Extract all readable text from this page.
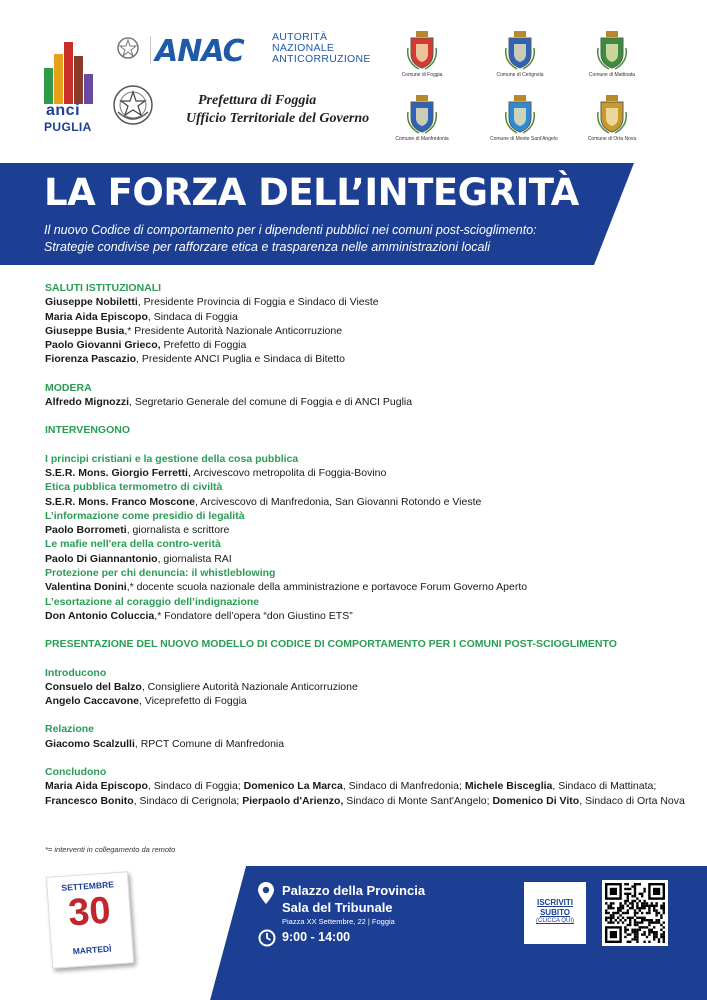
anci
PUGLIA
ANAC	AUTORITÀ
NAZIONALE
ANTICORRUZIONE
Prefettura di Foggia
Ufficio Territoriale del Governo
Comune di Foggia	Comune di Cerignola	Comune di Mattinata
Comune di Manfredonia	Comune di Monte Sant'Angelo	Comune di Orta Nova
LA FORZA DELL’INTEGRITÀ
Il nuovo Codice di comportamento per i dipendenti pubblici nei comuni post-scioglimento:
Strategie condivise per rafforzare etica e trasparenza nelle amministrazioni locali

SALUTI ISTITUZIONALI

Giuseppe Nobiletti, Presidente Provincia di Foggia e Sindaco di Vieste

Maria Aida Episcopo, Sindaca di Foggia

Giuseppe Busia,* Presidente Autorità Nazionale Anticorruzione

Paolo Giovanni Grieco, Prefetto di Foggia

Fiorenza Pascazio, Presidente ANCI Puglia e Sindaca di Bitetto

MODERA

Alfredo Mignozzi, Segretario Generale del comune di Foggia e di ANCI Puglia

INTERVENGONO

I principi cristiani e la gestione della cosa pubblica

S.E.R. Mons. Giorgio Ferretti, Arcivescovo metropolita di Foggia-Bovino

Etica pubblica termometro di civiltà

S.E.R. Mons. Franco Moscone, Arcivescovo di Manfredonia, San Giovanni Rotondo e Vieste

L’informazione come presidio di legalità

Paolo Borrometi, giornalista e scrittore

Le mafie nell'era della contro-verità

Paolo Di Giannantonio, giornalista RAI

Protezione per chi denuncia: il whistleblowing

Valentina Donini,* docente scuola nazionale della amministrazione e portavoce Forum Governo Aperto

L’esortazione al coraggio dell’indignazione

Don Antonio Coluccia,* Fondatore dell’opera “don Giustino ETS”

PRESENTAZIONE DEL NUOVO MODELLO DI CODICE DI COMPORTAMENTO PER I COMUNI POST-SCIOGLIMENTO

Introducono

Consuelo del Balzo, Consigliere Autorità Nazionale Anticorruzione

Angelo Caccavone, Viceprefetto di Foggia

Relazione

Giacomo Scalzulli, RPCT Comune di Manfredonia

Concludono

Maria Aida Episcopo, Sindaco di Foggia; Domenico La Marca, Sindaco di Manfredonia; Michele Bisceglia, Sindaco di Mattinata; Francesco Bonito, Sindaco di Cerignola; Pierpaolo d'Arienzo, Sindaco di Monte Sant'Angelo; Domenico Di Vito, Sindaco di Orta Nova

*= interventi in collegamento da remoto
SETTEMBRE
30
MARTEDÌ
Palazzo della Provincia
Sala del Tribunale
Piazza XX Settembre, 22 | Foggia
9:00 - 14:00
ISCRIVITI
SUBITO
(CLICCA QUI)
